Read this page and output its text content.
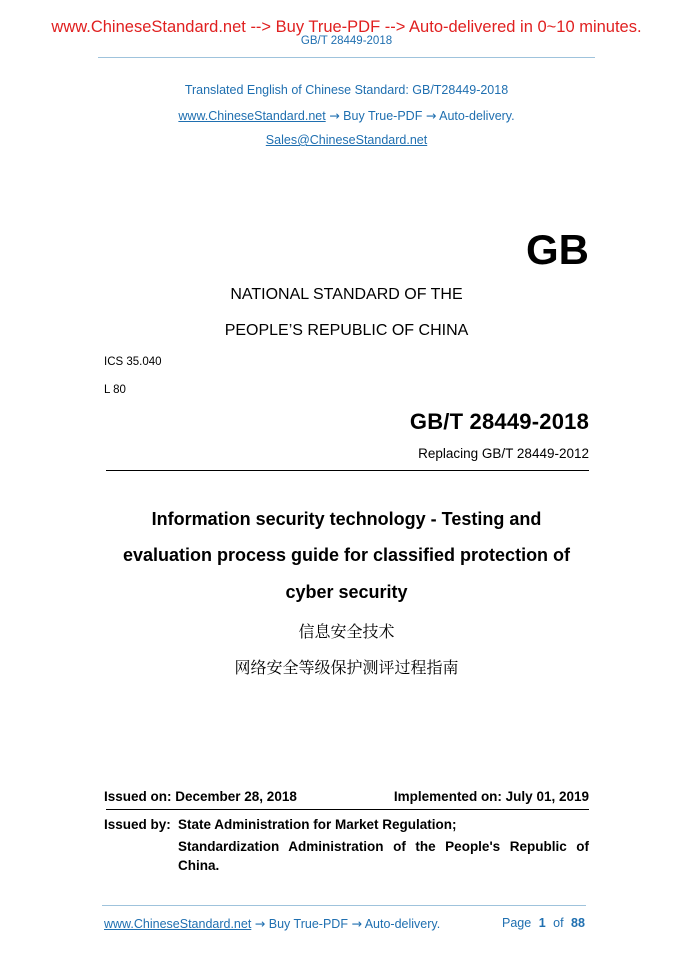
www.ChineseStandard.net --> Buy True-PDF --> Auto-delivered in 0~10 minutes.
GB/T 28449-2018
Translated English of Chinese Standard: GB/T28449-2018
www.ChineseStandard.net → Buy True-PDF → Auto-delivery.
Sales@ChineseStandard.net
GB
NATIONAL STANDARD OF THE
PEOPLE’S REPUBLIC OF CHINA
ICS 35.040
L 80
GB/T 28449-2018
Replacing GB/T 28449-2012
Information security technology - Testing and
evaluation process guide for classified protection of
cyber security
信息安全技术
网络安全等级保护测评过程指南
Issued on: December 28, 2018	Implemented on: July 01, 2019
Issued by: State Administration for Market Regulation;
Standardization Administration of the People's Republic of
China.
www.ChineseStandard.net → Buy True-PDF → Auto-delivery.	Page 1 of 88
